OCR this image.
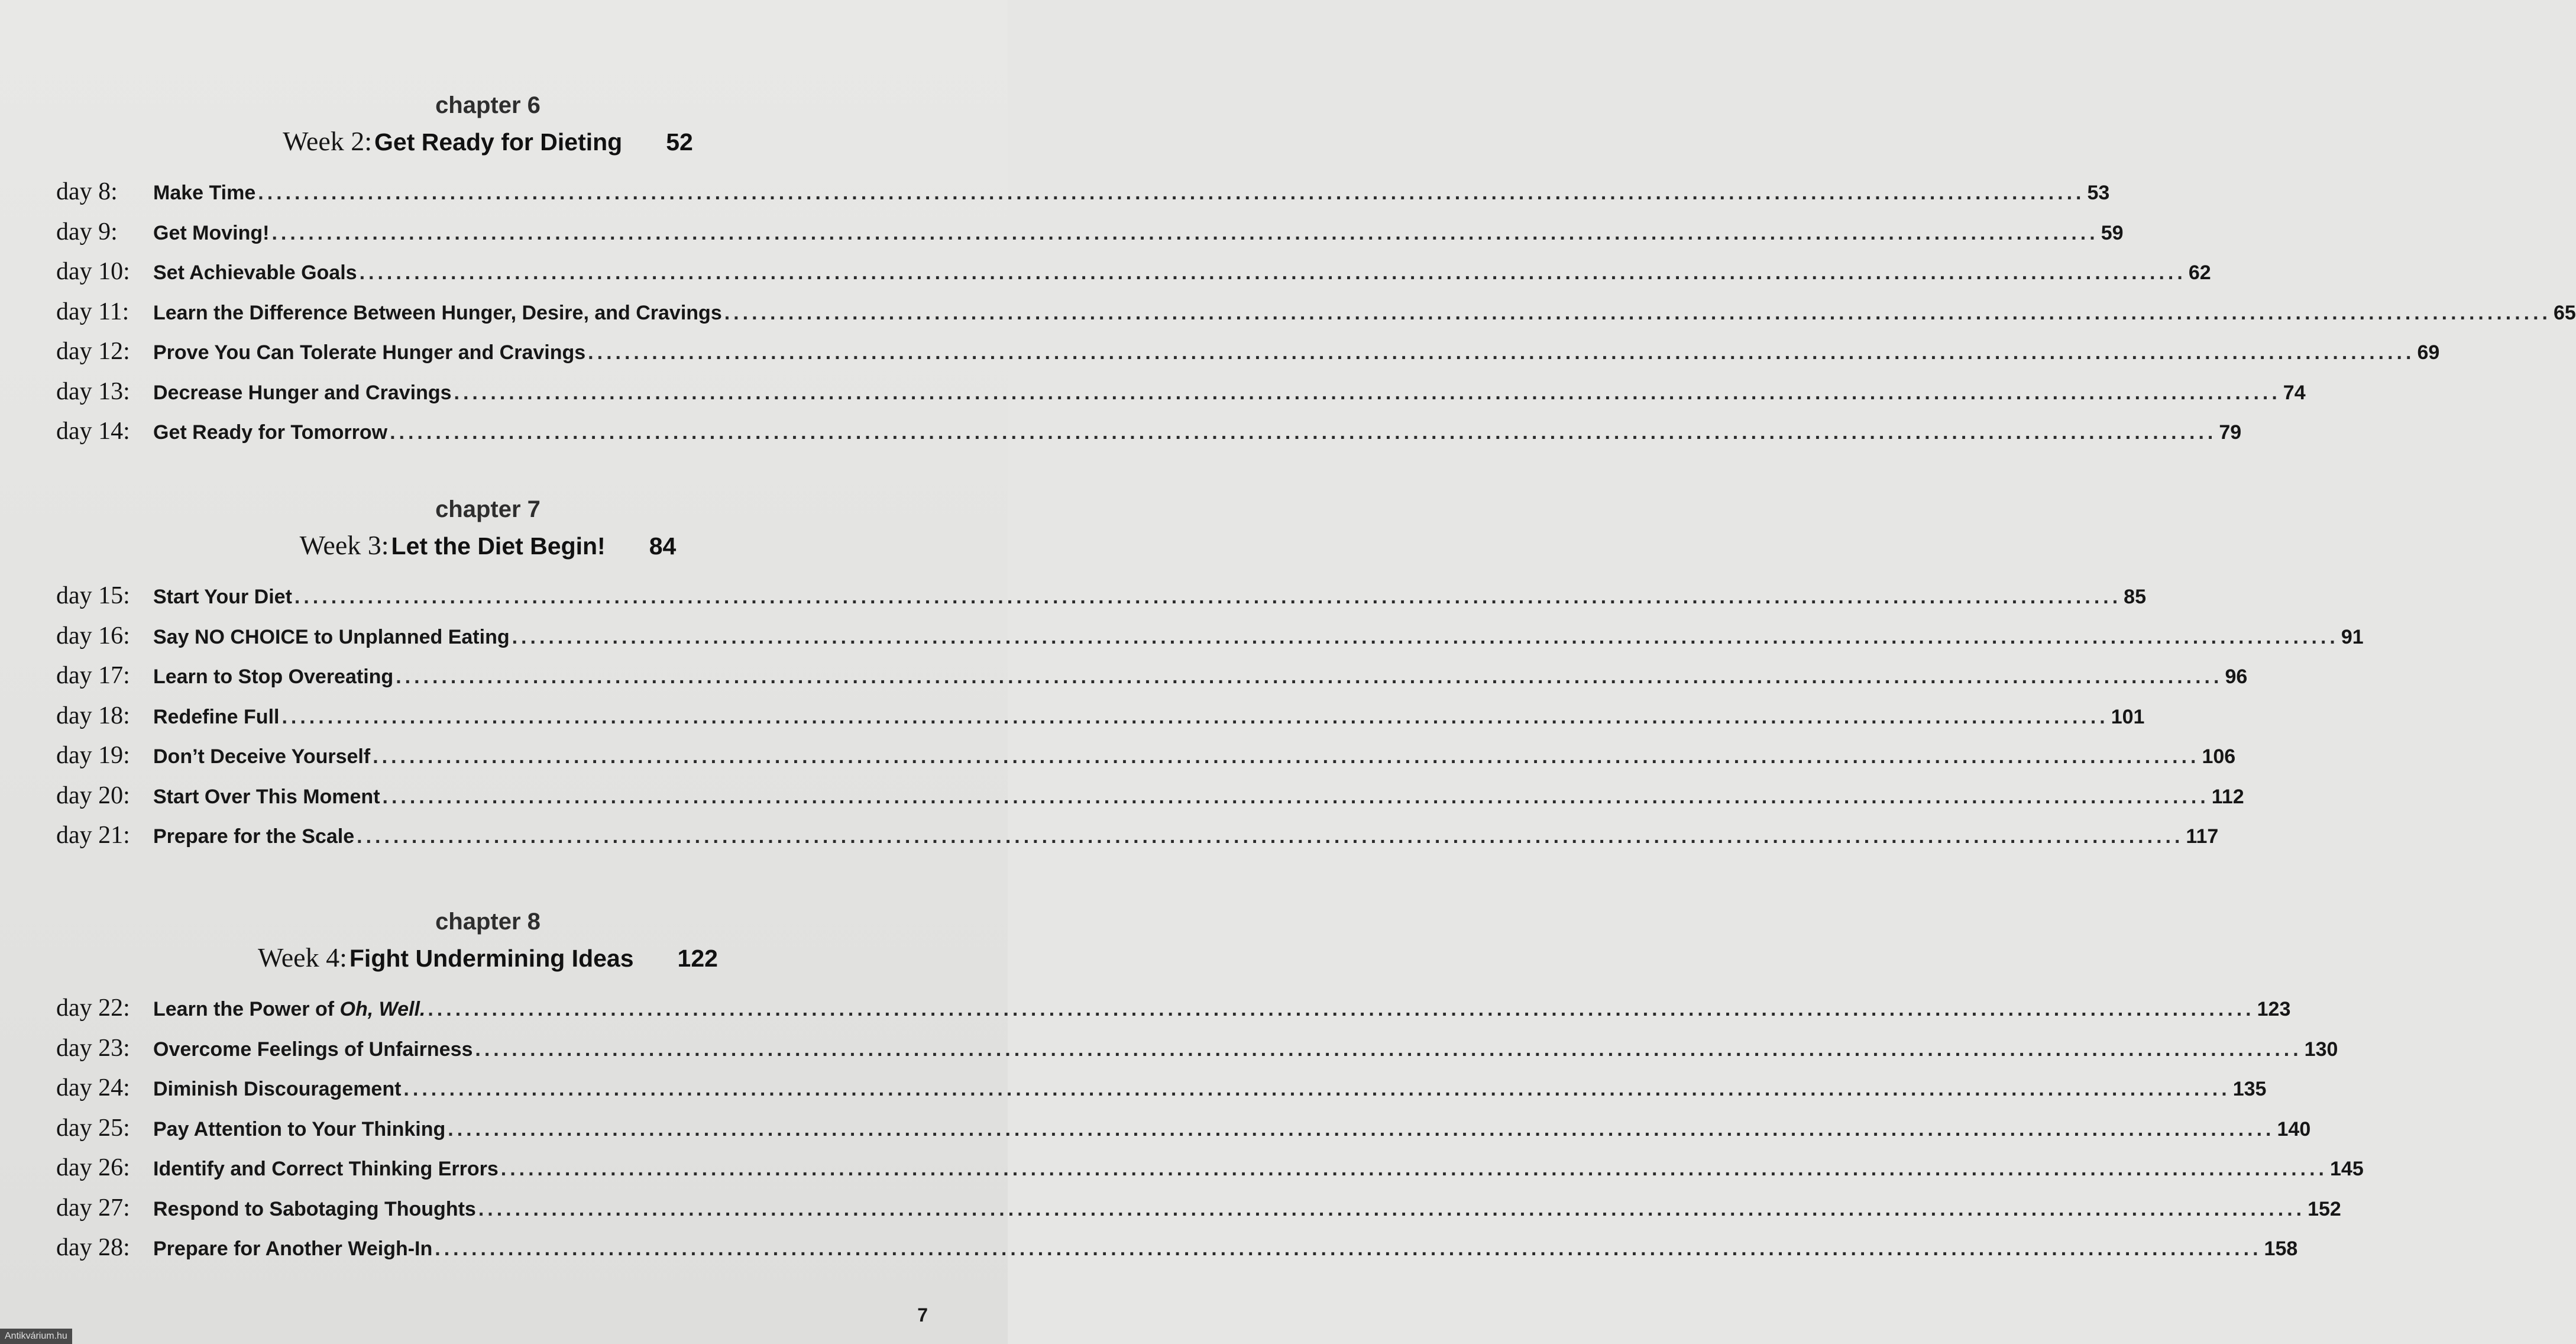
chapter 6
Week 2: Get Ready for Dieting 52
day 8:	Make Time ........................................................................................................................................................................................................ 53
day 9:	Get Moving! ........................................................................................................................................................................................................ 59
day 10:	Set Achievable Goals ........................................................................................................................................................................................................ 62
day 11:	Learn the Difference Between Hunger, Desire, and Cravings ........................................................................................................................................................................................................ 65
day 12:	Prove You Can Tolerate Hunger and Cravings ........................................................................................................................................................................................................ 69
day 13:	Decrease Hunger and Cravings ........................................................................................................................................................................................................ 74
day 14:	Get Ready for Tomorrow ........................................................................................................................................................................................................ 79
chapter 7
Week 3: Let the Diet Begin! 84
day 15:	Start Your Diet ........................................................................................................................................................................................................ 85
day 16:	Say NO CHOICE to Unplanned Eating ........................................................................................................................................................................................................ 91
day 17:	Learn to Stop Overeating ........................................................................................................................................................................................................ 96
day 18:	Redefine Full ........................................................................................................................................................................................................ 101
day 19:	Don’t Deceive Yourself ........................................................................................................................................................................................................ 106
day 20:	Start Over This Moment ........................................................................................................................................................................................................ 112
day 21:	Prepare for the Scale ........................................................................................................................................................................................................ 117
chapter 8
Week 4: Fight Undermining Ideas 122
day 22:	Learn the Power of Oh, Well. ........................................................................................................................................................................................................ 123
day 23:	Overcome Feelings of Unfairness ........................................................................................................................................................................................................ 130
day 24:	Diminish Discouragement ........................................................................................................................................................................................................ 135
day 25:	Pay Attention to Your Thinking ........................................................................................................................................................................................................ 140
day 26:	Identify and Correct Thinking Errors ........................................................................................................................................................................................................ 145
day 27:	Respond to Sabotaging Thoughts ........................................................................................................................................................................................................ 152
day 28:	Prepare for Another Weigh-In ........................................................................................................................................................................................................ 158
7
Antikvárium.hu
